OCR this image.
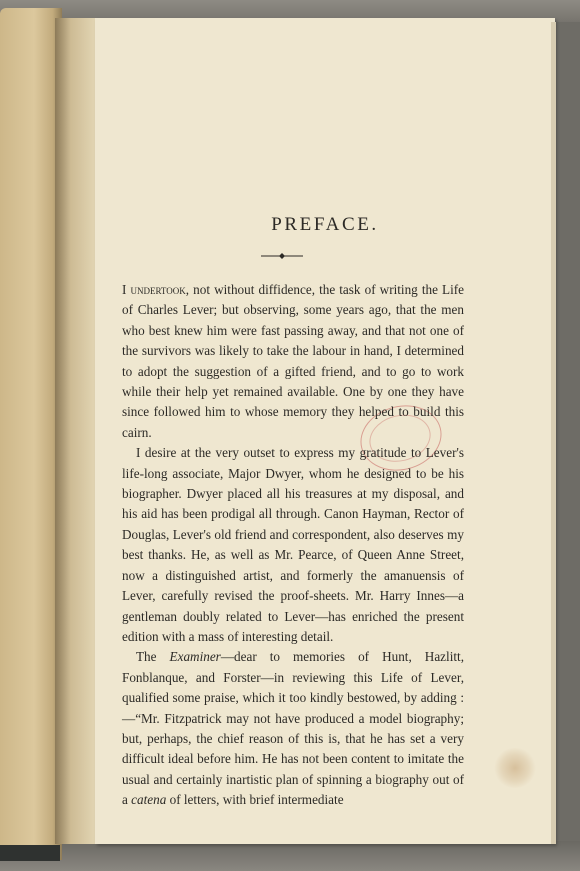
PREFACE.

I undertook, not without diffidence, the task of writing the Life of Charles Lever; but observing, some years ago, that the men who best knew him were fast passing away, and that not one of the survivors was likely to take the labour in hand, I determined to adopt the suggestion of a gifted friend, and to go to work while their help yet remained available. One by one they have since followed him to whose memory they helped to build this cairn.

I desire at the very outset to express my gratitude to Lever's life-long associate, Major Dwyer, whom he designed to be his biographer. Dwyer placed all his treasures at my disposal, and his aid has been prodigal all through. Canon Hayman, Rector of Douglas, Lever's old friend and correspondent, also deserves my best thanks. He, as well as Mr. Pearce, of Queen Anne Street, now a distinguished artist, and formerly the amanuensis of Lever, carefully revised the proof-sheets. Mr. Harry Innes—a gentleman doubly related to Lever—has enriched the present edition with a mass of interesting detail.

The Examiner—dear to memories of Hunt, Hazlitt, Fonblanque, and Forster—in reviewing this Life of Lever, qualified some praise, which it too kindly bestowed, by adding : —“Mr. Fitzpatrick may not have produced a model biography; but, perhaps, the chief reason of this is, that he has set a very difficult ideal before him. He has not been content to imitate the usual and certainly inartistic plan of spinning a biography out of a catena of letters, with brief intermediate
